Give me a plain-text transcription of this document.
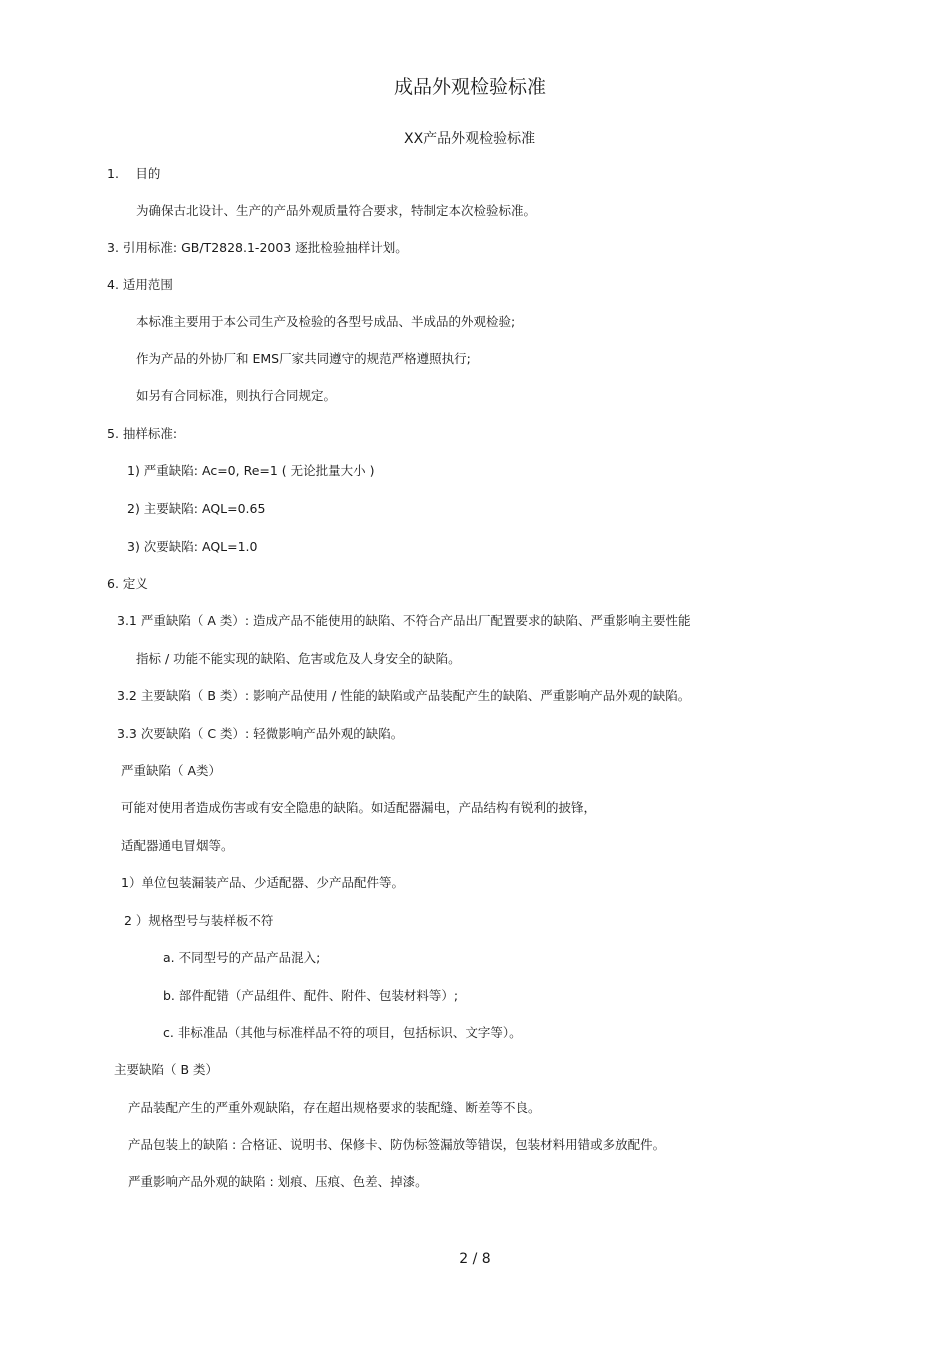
成品外观检验标准
XX产品外观检验标准
1.　 目的
为确保古北设计、生产的产品外观质量符合要求，特制定本次检验标准。
3. 引用标准: GB/T2828.1-2003 逐批检验抽样计划。
4. 适用范围
本标准主要用于本公司生产及检验的各型号成品、半成品的外观检验;
作为产品的外协厂和 EMS厂家共同遵守的规范严格遵照执行;
如另有合同标准，则执行合同规定。
5. 抽样标准:
1) 严重缺陷: Ac=0, Re=1 ( 无论批量大小 )
2) 主要缺陷: AQL=0.65
3) 次要缺陷: AQL=1.0
6. 定义
3.1 严重缺陷（ A 类）: 造成产品不能使用的缺陷、不符合产品出厂配置要求的缺陷、严重影响主要性能
指标 / 功能不能实现的缺陷、危害或危及人身安全的缺陷。
3.2 主要缺陷（ B 类）: 影响产品使用 / 性能的缺陷或产品装配产生的缺陷、严重影响产品外观的缺陷。
3.3 次要缺陷（ C 类）: 轻微影响产品外观的缺陷。
严重缺陷（ A类）
可能对使用者造成伤害或有安全隐患的缺陷。如适配器漏电，产品结构有锐利的披锋，
适配器通电冒烟等。
1）单位包装漏装产品、少适配器、少产品配件等。
2 ）规格型号与装样板不符
a. 不同型号的产品产品混入;
b. 部件配错（产品组件、配件、附件、包装材料等）;
c. 非标准品（其他与标准样品不符的项目，包括标识、文字等）。
主要缺陷（ B 类）
产品装配产生的严重外观缺陷，存在超出规格要求的装配缝、断差等不良。
产品包装上的缺陷 : 合格证、说明书、保修卡、防伪标签漏放等错误，包装材料用错或多放配件。
严重影响产品外观的缺陷 : 划痕、压痕、色差、掉漆。
2 / 8
